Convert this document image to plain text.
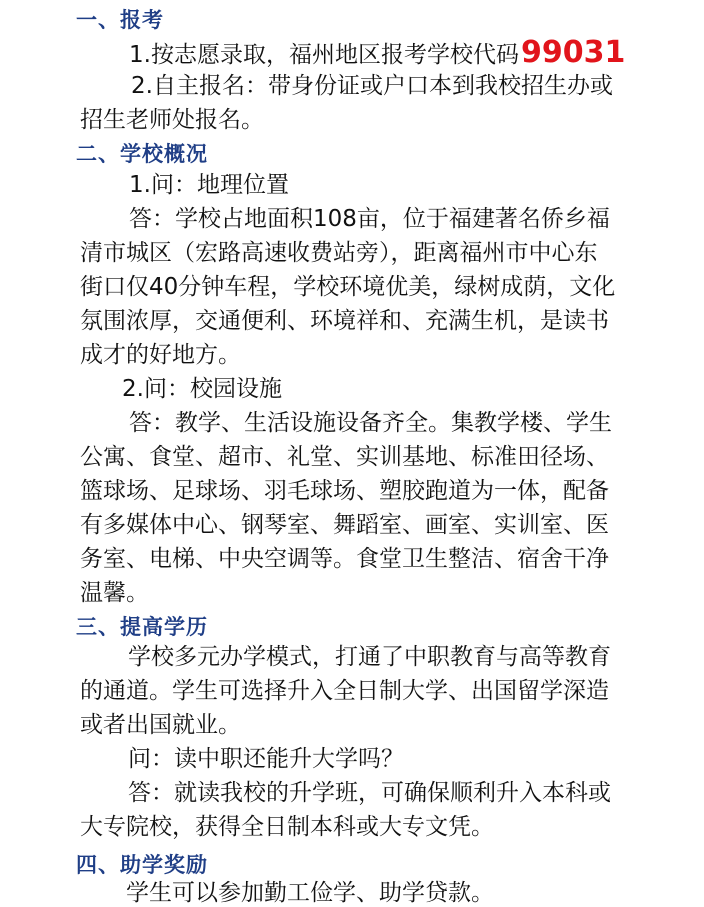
一、报考
1.按志愿录取，福州地区报考学校代码99031
2.自主报名：带身份证或户口本到我校招生办或
招生老师处报名。
二、学校概况
1.问：地理位置
答：学校占地面积108亩，位于福建著名侨乡福
清市城区（宏路高速收费站旁），距离福州市中心东
街口仅40分钟车程，学校环境优美，绿树成荫，文化
氛围浓厚，交通便利、环境祥和、充满生机，是读书
成才的好地方。
2.问：校园设施
答：教学、生活设施设备齐全。集教学楼、学生
公寓、食堂、超市、礼堂、实训基地、标准田径场、
篮球场、足球场、羽毛球场、塑胶跑道为一体，配备
有多媒体中心、钢琴室、舞蹈室、画室、实训室、医
务室、电梯、中央空调等。食堂卫生整洁、宿舍干净
温馨。
三、提高学历
学校多元办学模式，打通了中职教育与高等教育
的通道。学生可选择升入全日制大学、出国留学深造
或者出国就业。
问：读中职还能升大学吗？
答：就读我校的升学班，可确保顺利升入本科或
大专院校，获得全日制本科或大专文凭。
四、助学奖励
学生可以参加勤工俭学、助学贷款。
